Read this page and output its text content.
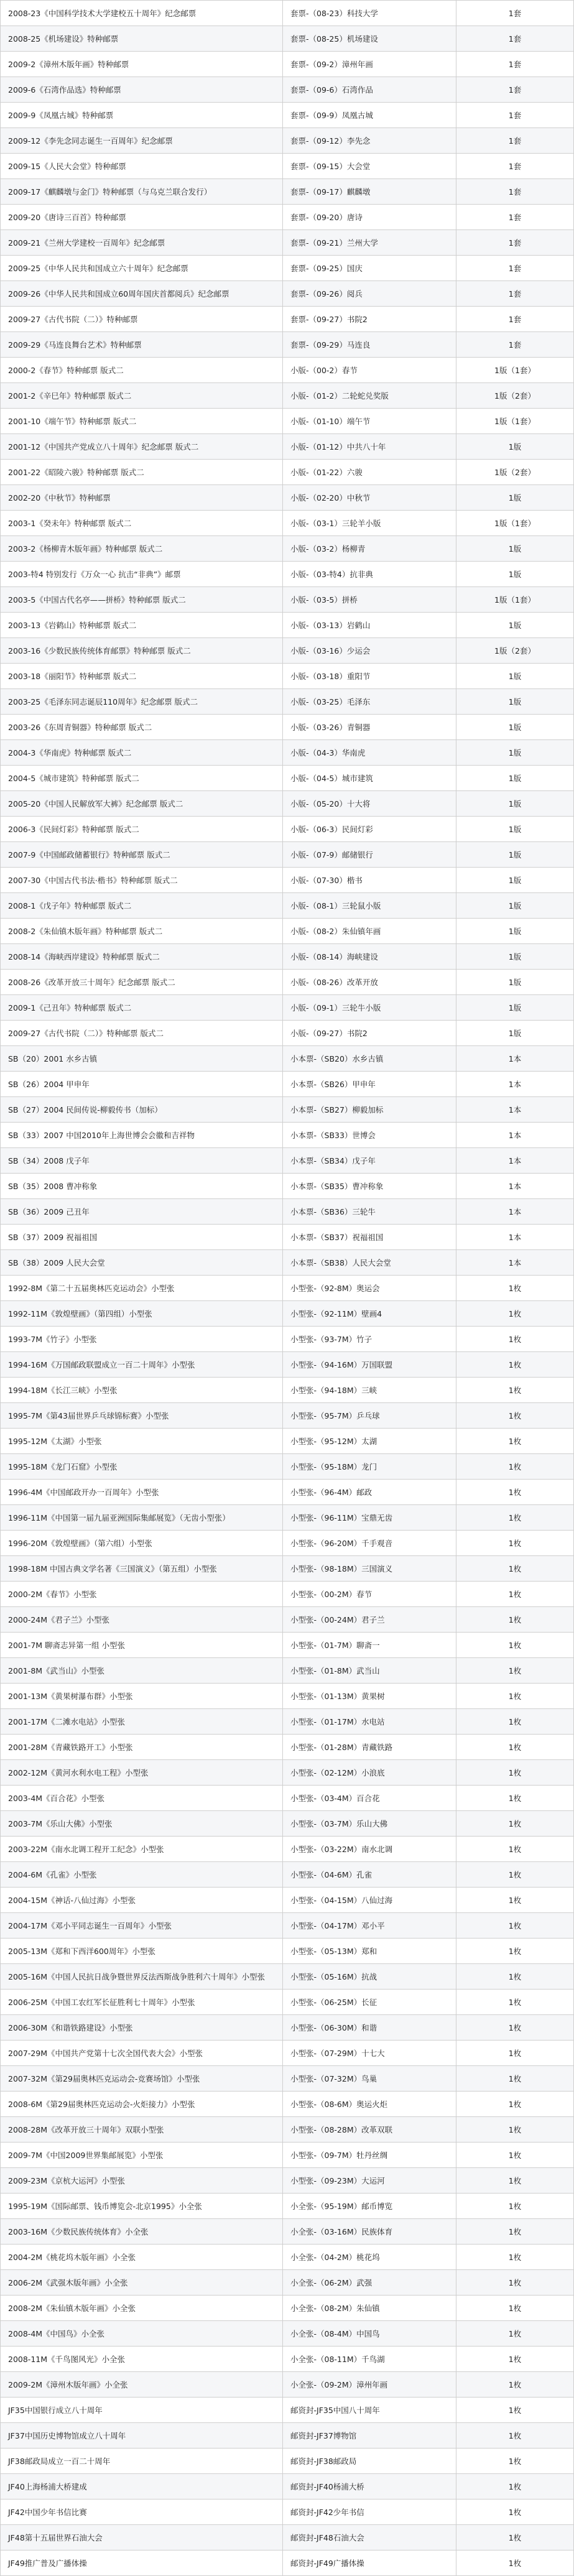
2008-23《中国科学技术大学建校五十周年》纪念邮票	套票-（08-23）科技大学	1套
2008-25《机场建设》特种邮票	套票-（08-25）机场建设	1套
2009-2《漳州木版年画》特种邮票	套票-（09-2）漳州年画	1套
2009-6《石湾作品选》特种邮票	套票-（09-6）石湾作品	1套
2009-9《凤凰古城》特种邮票	套票-（09-9）凤凰古城	1套
2009-12《李先念同志诞生一百周年》纪念邮票	套票-（09-12）李先念	1套
2009-15《人民大会堂》特种邮票	套票-（09-15）大会堂	1套
2009-17《麒麟墩与金门》特种邮票（与乌克兰联合发行）	套票-（09-17）麒麟墩	1套
2009-20《唐诗三百首》特种邮票	套票-（09-20）唐诗	1套
2009-21《兰州大学建校一百周年》纪念邮票	套票-（09-21）兰州大学	1套
2009-25《中华人民共和国成立六十周年》纪念邮票	套票-（09-25）国庆	1套
2009-26《中华人民共和国成立60周年国庆首都阅兵》纪念邮票	套票-（09-26）阅兵	1套
2009-27《古代书院（二）》特种邮票	套票-（09-27）书院2	1套
2009-29《马连良舞台艺术》特种邮票	套票-（09-29）马连良	1套
2000-2《春节》特种邮票 版式二	小版-（00-2）春节	1版（1套）
2001-2《辛巳年》特种邮票 版式二	小版-（01-2）二轮蛇兑奖版	1版（2套）
2001-10《端午节》特种邮票 版式二	小版-（01-10）端午节	1版（1套）
2001-12《中国共产党成立八十周年》纪念邮票 版式二	小版-（01-12）中共八十年	1版
2001-22《昭陵六骏》特种邮票 版式二	小版-（01-22）六骏	1版（2套）
2002-20《中秋节》特种邮票	小版-（02-20）中秋节	1版
2003-1《癸未年》特种邮票 版式二	小版-（03-1）三轮羊小版	1版（1套）
2003-2《杨柳青木版年画》特种邮票 版式二	小版-（03-2）杨柳青	1版
2003-特4 特别发行《万众一心 抗击“非典”》邮票	小版-（03-特4）抗非典	1版
2003-5《中国古代名亭——拼桥》特种邮票 版式二	小版-（03-5）拼桥	1版（1套）
2003-13《岩鹤山》特种邮票 版式二	小版-（03-13）岩鹤山	1版
2003-16《少数民族传统体育邮票》特种邮票 版式二	小版-（03-16）少运会	1版（2套）
2003-18《丽阳节》特种邮票 版式二	小版-（03-18）重阳节	1版
2003-25《毛泽东同志诞辰110周年》纪念邮票 版式二	小版-（03-25）毛泽东	1版
2003-26《东周青铜器》特种邮票 版式二	小版-（03-26）青铜器	1版
2004-3《华南虎》特种邮票 版式二	小版-（04-3）华南虎	1版
2004-5《城市建筑》特种邮票 版式二	小版-（04-5）城市建筑	1版
2005-20《中国人民解放军大裤》纪念邮票 版式二	小版-（05-20）十大将	1版
2006-3《民间灯彩》特种邮票 版式二	小版-（06-3）民间灯彩	1版
2007-9《中国邮政储蓄银行》特种邮票 版式二	小版-（07-9）邮储银行	1版
2007-30《中国古代书法·楷书》特种邮票 版式二	小版-（07-30）楷书	1版
2008-1《戊子年》特种邮票 版式二	小版-（08-1）三轮鼠小版	1版
2008-2《朱仙镇木版年画》特种邮票 版式二	小版-（08-2）朱仙镇年画	1版
2008-14《海峡西岸建设》特种邮票 版式二	小版-（08-14）海峡建设	1版
2008-26《改革开放三十周年》纪念邮票 版式二	小版-（08-26）改革开放	1版
2009-1《己丑年》特种邮票 版式二	小版-（09-1）三轮牛小版	1版
2009-27《古代书院（二）》特种邮票 版式二	小版-（09-27）书院2	1版
SB（20）2001 水乡古镇	小本票-（SB20）水乡古镇	1本
SB（26）2004 甲申年	小本票-（SB26）甲申年	1本
SB（27）2004 民间传说-柳毅传书（加标）	小本票-（SB27）柳毅加标	1本
SB（33）2007 中国2010年上海世博会会徽和吉祥物	小本票-（SB33）世博会	1本
SB（34）2008 戊子年	小本票-（SB34）戊子年	1本
SB（35）2008 曹冲称象	小本票-（SB35）曹冲称象	1本
SB（36）2009 己丑年	小本票-（SB36）三轮牛	1本
SB（37）2009 祝福祖国	小本票-（SB37）祝福祖国	1本
SB（38）2009 人民大会堂	小本票-（SB38）人民大会堂	1本
1992-8M《第二十五届奥林匹克运动会》小型张	小型张-（92-8M）奥运会	1枚
1992-11M《敦煌壁画》（第四组）小型张	小型张-（92-11M）壁画4	1枚
1993-7M《竹子》小型张	小型张-（93-7M）竹子	1枚
1994-16M《万国邮政联盟成立一百二十周年》小型张	小型张-（94-16M）万国联盟	1枚
1994-18M《长江三峡》小型张	小型张-（94-18M）三峡	1枚
1995-7M《第43届世界乒乓球锦标赛》小型张	小型张-（95-7M）乒乓球	1枚
1995-12M《太湖》小型张	小型张-（95-12M）太湖	1枚
1995-18M《龙门石窟》小型张	小型张-（95-18M）龙门	1枚
1996-4M《中国邮政开办一百周年》小型张	小型张-（96-4M）邮政	1枚
1996-11M《中国第一届九届亚洲国际集邮展览》（无齿小型张）	小型张-（96-11M）宝鼎无齿	1枚
1996-20M《敦煌壁画》（第六组）小型张	小型张-（96-20M）千手观音	1枚
1998-18M 中国古典文学名著《三国演义》（第五组）小型张	小型张-（98-18M）三国演义	1枚
2000-2M《春节》小型张	小型张-（00-2M）春节	1枚
2000-24M《君子兰》小型张	小型张-（00-24M）君子兰	1枚
2001-7M 聊斋志异第一组 小型张	小型张-（01-7M）聊斋一	1枚
2001-8M《武当山》小型张	小型张-（01-8M）武当山	1枚
2001-13M《黄果树瀑布群》小型张	小型张-（01-13M）黄果树	1枚
2001-17M《二滩水电站》小型张	小型张-（01-17M）水电站	1枚
2001-28M《青藏铁路开工》小型张	小型张-（01-28M）青藏铁路	1枚
2002-12M《黄河水利水电工程》小型张	小型张-（02-12M）小浪底	1枚
2003-4M《百合花》小型张	小型张-（03-4M）百合花	1枚
2003-7M《乐山大佛》小型张	小型张-（03-7M）乐山大佛	1枚
2003-22M《南水北调工程开工纪念》小型张	小型张-（03-22M）南水北调	1枚
2004-6M《孔雀》小型张	小型张-（04-6M）孔雀	1枚
2004-15M《神话-八仙过海》小型张	小型张-（04-15M）八仙过海	1枚
2004-17M《邓小平同志诞生一百周年》小型张	小型张-（04-17M）邓小平	1枚
2005-13M《郑和下西洋600周年》小型张	小型张-（05-13M）郑和	1枚
2005-16M《中国人民抗日战争暨世界反法西斯战争胜利六十周年》小型张	小型张-（05-16M）抗战	1枚
2006-25M《中国工农红军长征胜利七十周年》小型张	小型张-（06-25M）长征	1枚
2006-30M《和谐铁路建设》小型张	小型张-（06-30M）和谐	1枚
2007-29M《中国共产党第十七次全国代表大会》小型张	小型张-（07-29M）十七大	1枚
2007-32M《第29届奥林匹克运动会-竞赛场馆》小型张	小型张-（07-32M）鸟巢	1枚
2008-6M《第29届奥林匹克运动会-火炬接力》小型张	小型张-（08-6M）奥运火炬	1枚
2008-28M《改革开放三十周年》双联小型张	小型张-（08-28M）改革双联	1枚
2009-7M《中国2009世界集邮展览》小型张	小型张-（09-7M）牡丹丝绸	1枚
2009-23M《京杭大运河》小型张	小型张-（09-23M）大运河	1枚
1995-19M《国际邮票、钱币博览会-北京1995》小全张	小全张-（95-19M）邮币博览	1枚
2003-16M《少数民族传统体育》小全张	小全张-（03-16M）民族体育	1枚
2004-2M《桃花坞木版年画》小全张	小全张-（04-2M）桃花坞	1枚
2006-2M《武强木版年画》小全张	小全张-（06-2M）武强	1枚
2008-2M《朱仙镇木版年画》小全张	小全张-（08-2M）朱仙镇	1枚
2008-4M《中国鸟》小全张	小全张-（08-4M）中国鸟	1枚
2008-11M《千鸟图风光》小全张	小全张-（08-11M）千鸟湖	1枚
2009-2M《漳州木版年画》小全张	小全张-（09-2M）漳州年画	1枚
JF35中国银行成立八十周年	邮资封-JF35中国八十周年	1枚
JF37中国历史博物馆成立八十周年	邮资封-JF37博物馆	1枚
JF38邮政局成立一百二十周年	邮资封-JF38邮政局	1枚
JF40上海杨浦大桥建成	邮资封-JF40杨浦大桥	1枚
JF42中国少年书信比赛	邮资封-JF42少年书信	1枚
JF48第十五届世界石油大会	邮资封-JF48石油大会	1枚
JF49推广普及广播体操	邮资封-JF49广播体操	1枚
